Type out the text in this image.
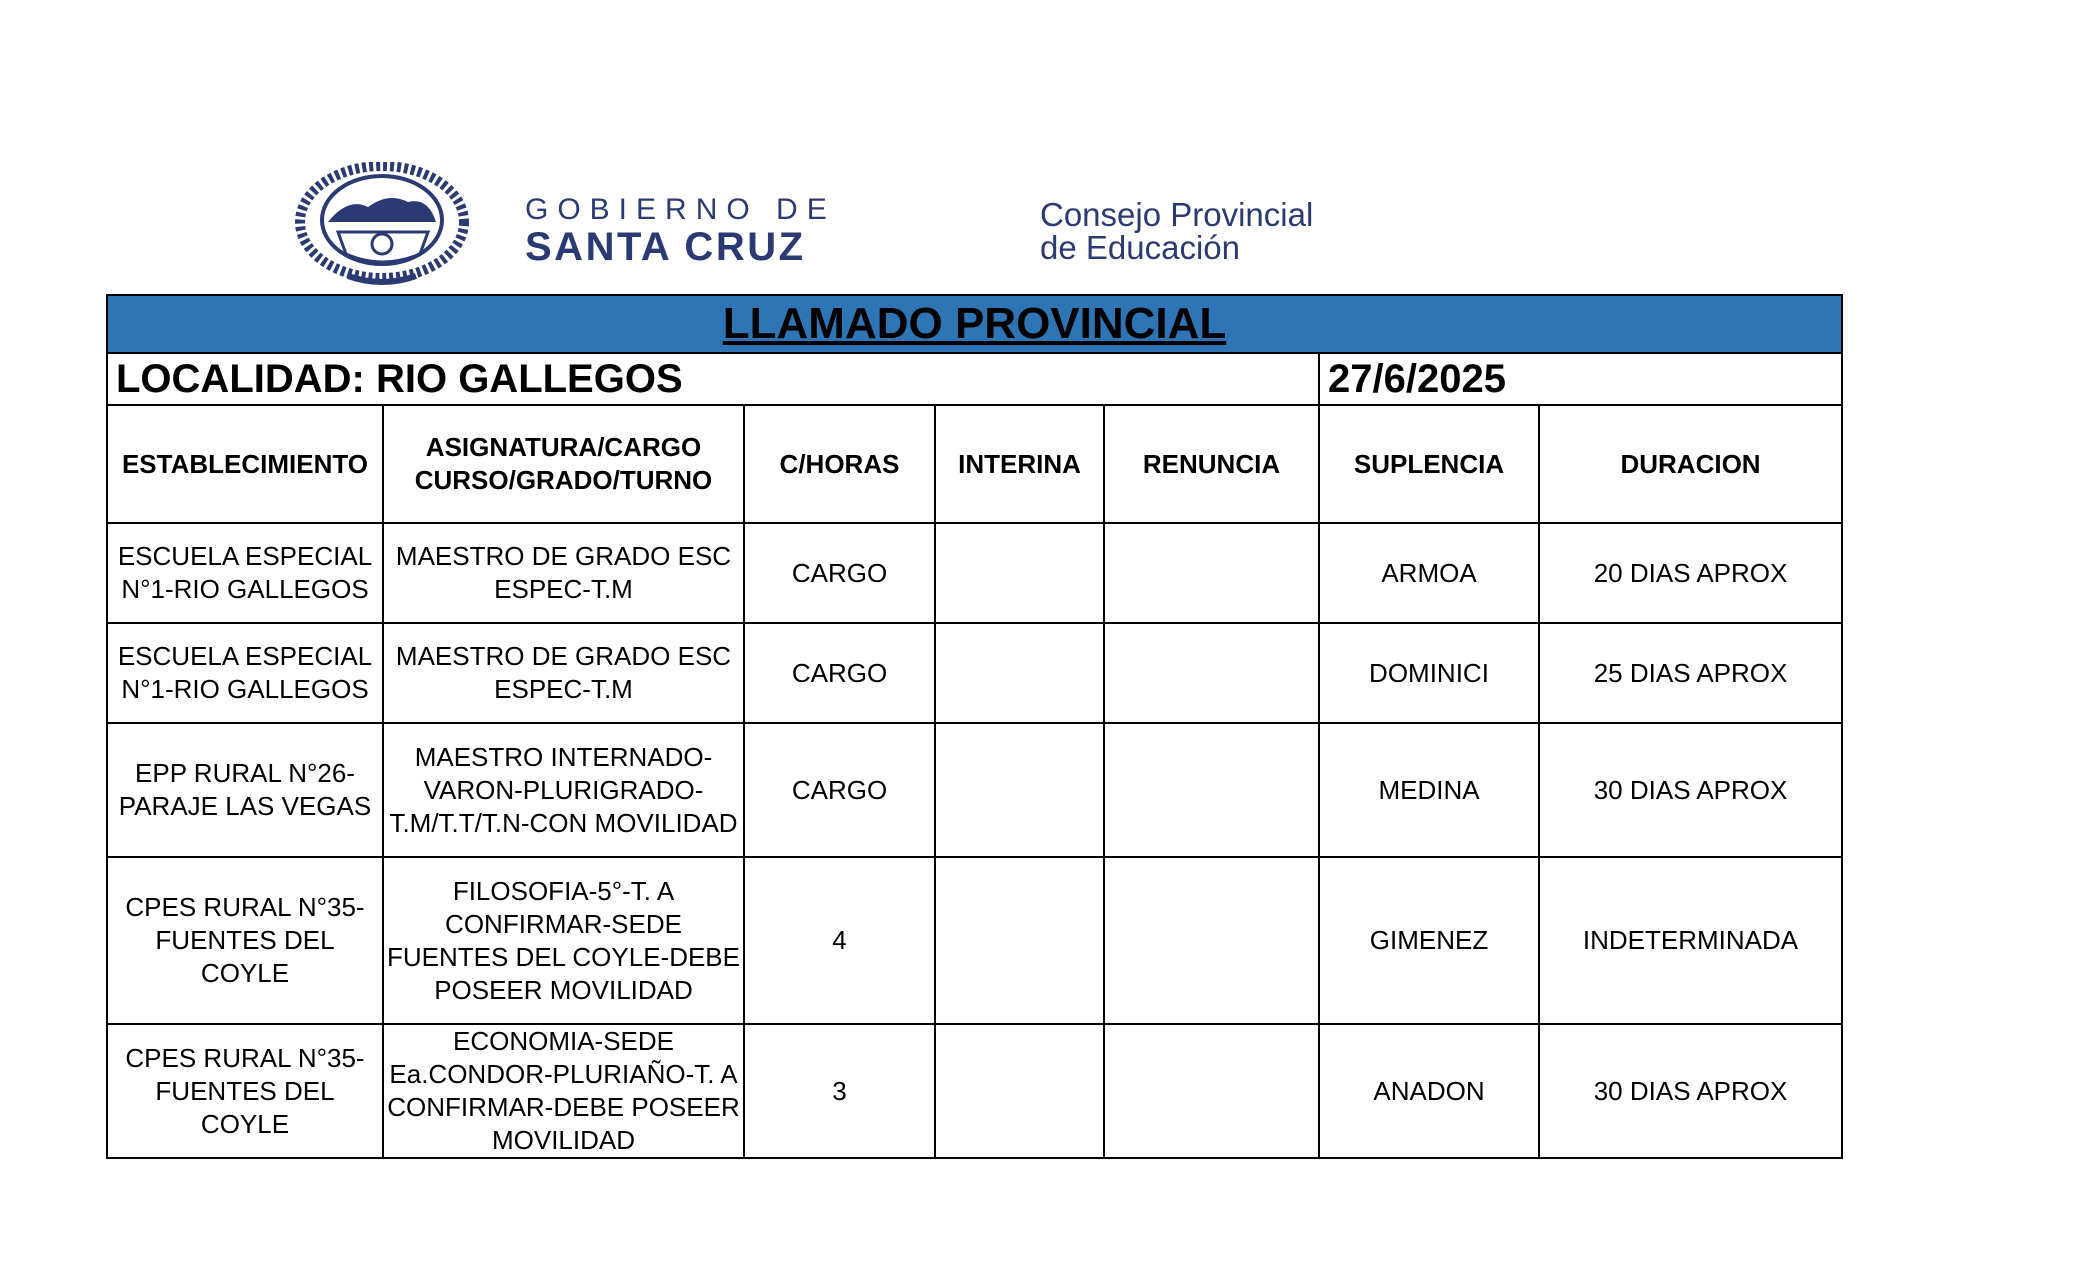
GOBIERNO DE
SANTA CRUZ
Consejo Provincial
de Educación
LLAMADO PROVINCIAL						
LOCALIDAD: RIO GALLEGOS					27/6/2025	
ESTABLECIMIENTO	ASIGNATURA/CARGO CURSO/GRADO/TURNO	C/HORAS	INTERINA	RENUNCIA	SUPLENCIA	DURACION
ESCUELA ESPECIAL N°1-RIO GALLEGOS	MAESTRO DE GRADO ESC ESPEC-T.M	CARGO			ARMOA	20 DIAS APROX
ESCUELA ESPECIAL N°1-RIO GALLEGOS	MAESTRO DE GRADO ESC ESPEC-T.M	CARGO			DOMINICI	25 DIAS APROX
EPP RURAL N°26-PARAJE LAS VEGAS	MAESTRO INTERNADO-VARON-PLURIGRADO-T.M/T.T/T.N-CON MOVILIDAD	CARGO			MEDINA	30 DIAS APROX
CPES RURAL N°35-FUENTES DEL COYLE	FILOSOFIA-5°-T. A CONFIRMAR-SEDE FUENTES DEL COYLE-DEBE POSEER MOVILIDAD	4			GIMENEZ	INDETERMINADA
CPES RURAL N°35-FUENTES DEL COYLE	ECONOMIA-SEDE Ea.CONDOR-PLURIAÑO-T. A CONFIRMAR-DEBE POSEER MOVILIDAD	3			ANADON	30 DIAS APROX
